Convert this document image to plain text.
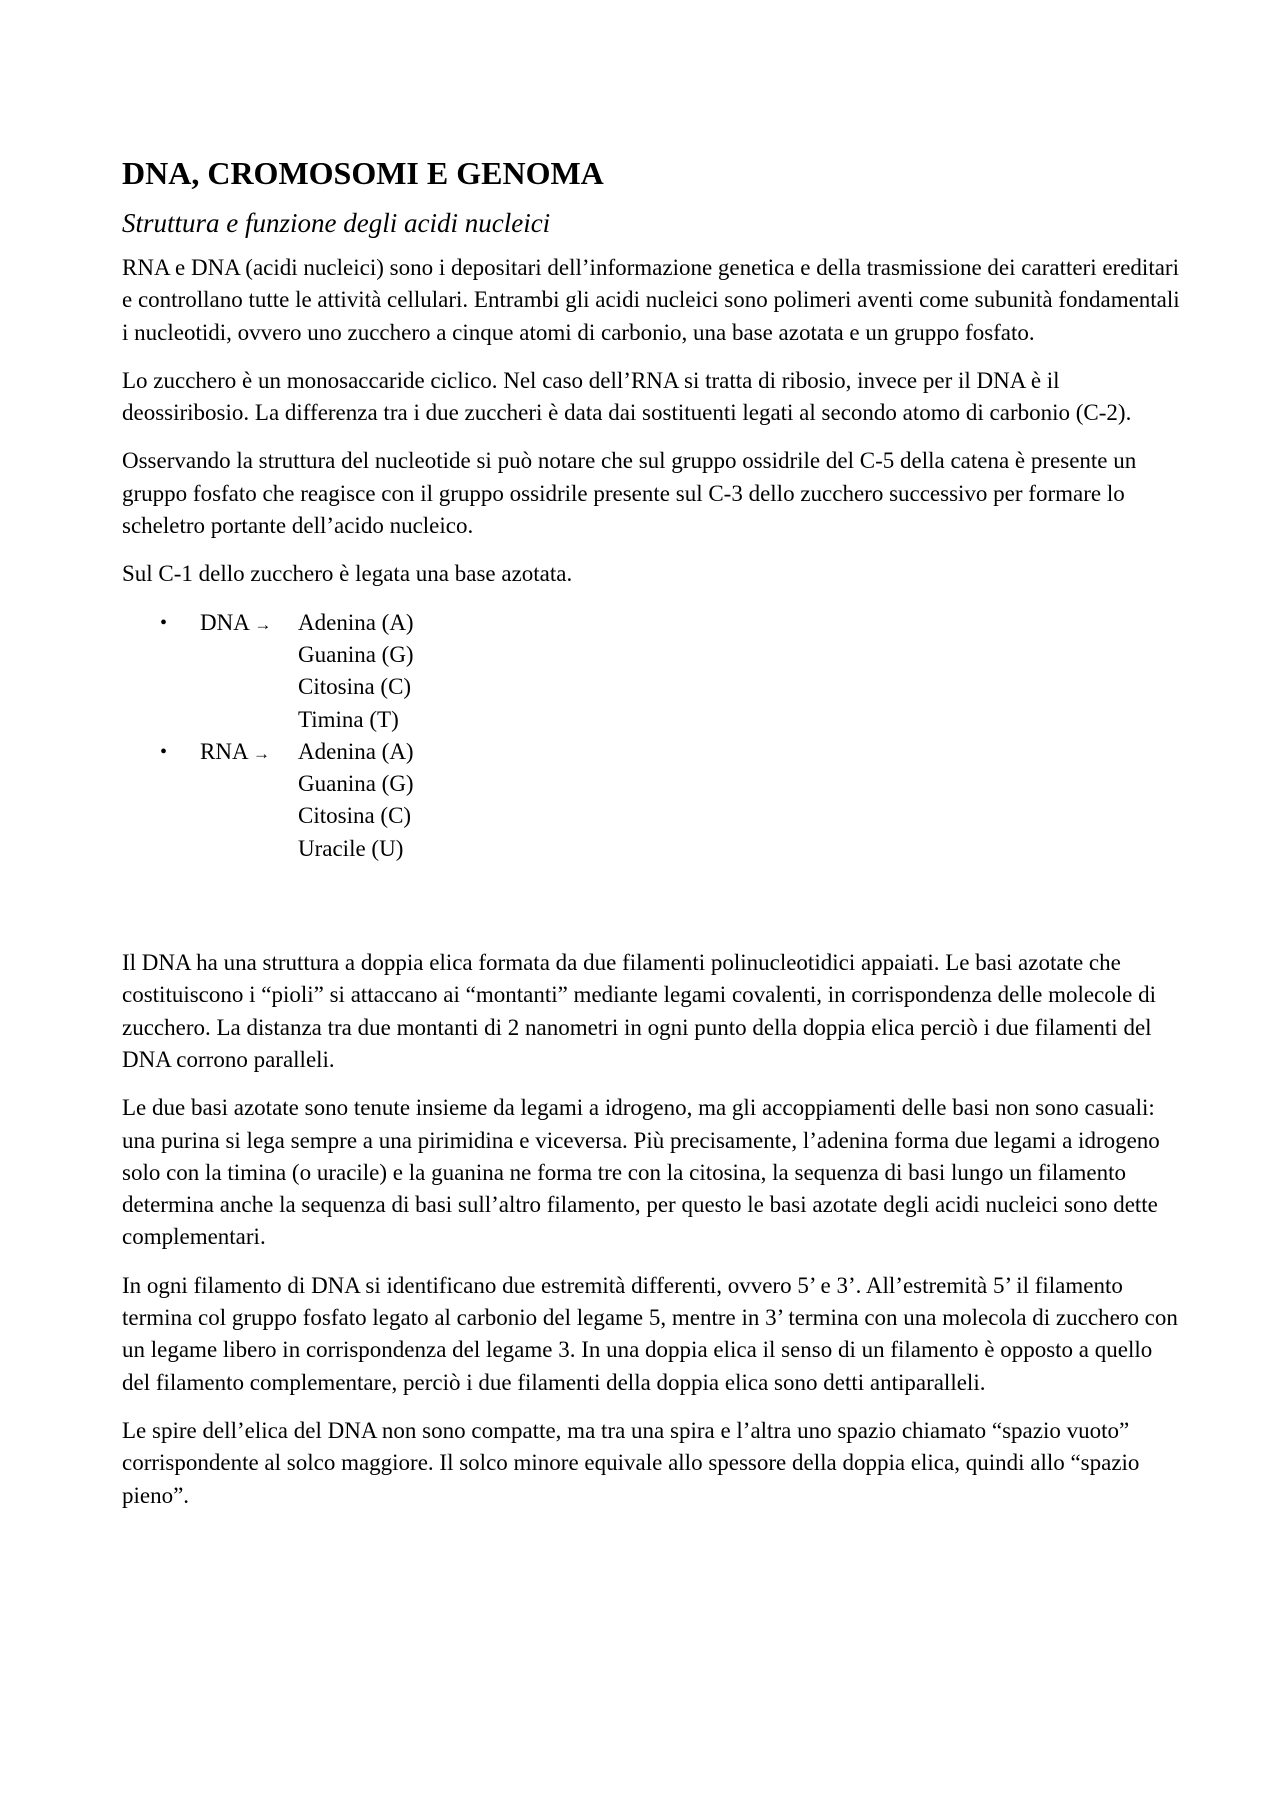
DNA, CROMOSOMI E GENOMA
Struttura e funzione degli acidi nucleici

RNA e DNA (acidi nucleici) sono i depositari dell’informazione genetica e della trasmissione dei caratteri ereditari e controllano tutte le attività cellulari. Entrambi gli acidi nucleici sono polimeri aventi come subunità fondamentali i nucleotidi, ovvero uno zucchero a cinque atomi di carbonio, una base azotata e un gruppo fosfato.

Lo zucchero è un monosaccaride ciclico. Nel caso dell’RNA si tratta di ribosio, invece per il DNA è il deossiribosio. La differenza tra i due zuccheri è data dai sostituenti legati al secondo atomo di carbonio (C-2).

Osservando la struttura del nucleotide si può notare che sul gruppo ossidrile del C-5 della catena è presente un gruppo fosfato che reagisce con il gruppo ossidrile presente sul C-3 dello zucchero successivo per formare lo scheletro portante dell’acido nucleico.

Sul C-1 dello zucchero è legata una base azotata.

• DNA →	Adenina (A)
Guanina (G)
Citosina (C)
Timina (T)
• RNA →	Adenina (A)
Guanina (G)
Citosina (C)
Uracile (U)

Il DNA ha una struttura a doppia elica formata da due filamenti polinucleotidici appaiati. Le basi azotate che costituiscono i “pioli” si attaccano ai “montanti” mediante legami covalenti, in corrispondenza delle molecole di zucchero. La distanza tra due montanti di 2 nanometri in ogni punto della doppia elica perciò i due filamenti del DNA corrono paralleli.

Le due basi azotate sono tenute insieme da legami a idrogeno, ma gli accoppiamenti delle basi non sono casuali: una purina si lega sempre a una pirimidina e viceversa. Più precisamente, l’adenina forma due legami a idrogeno solo con la timina (o uracile) e la guanina ne forma tre con la citosina, la sequenza di basi lungo un filamento determina anche la sequenza di basi sull’altro filamento, per questo le basi azotate degli acidi nucleici sono dette complementari.

In ogni filamento di DNA si identificano due estremità differenti, ovvero 5’ e 3’. All’estremità 5’ il filamento termina col gruppo fosfato legato al carbonio del legame 5, mentre in 3’ termina con una molecola di zucchero con un legame libero in corrispondenza del legame 3. In una doppia elica il senso di un filamento è opposto a quello del filamento complementare, perciò i due filamenti della doppia elica sono detti antiparalleli.

Le spire dell’elica del DNA non sono compatte, ma tra una spira e l’altra uno spazio chiamato “spazio vuoto” corrispondente al solco maggiore. Il solco minore equivale allo spessore della doppia elica, quindi allo “spazio pieno”.
